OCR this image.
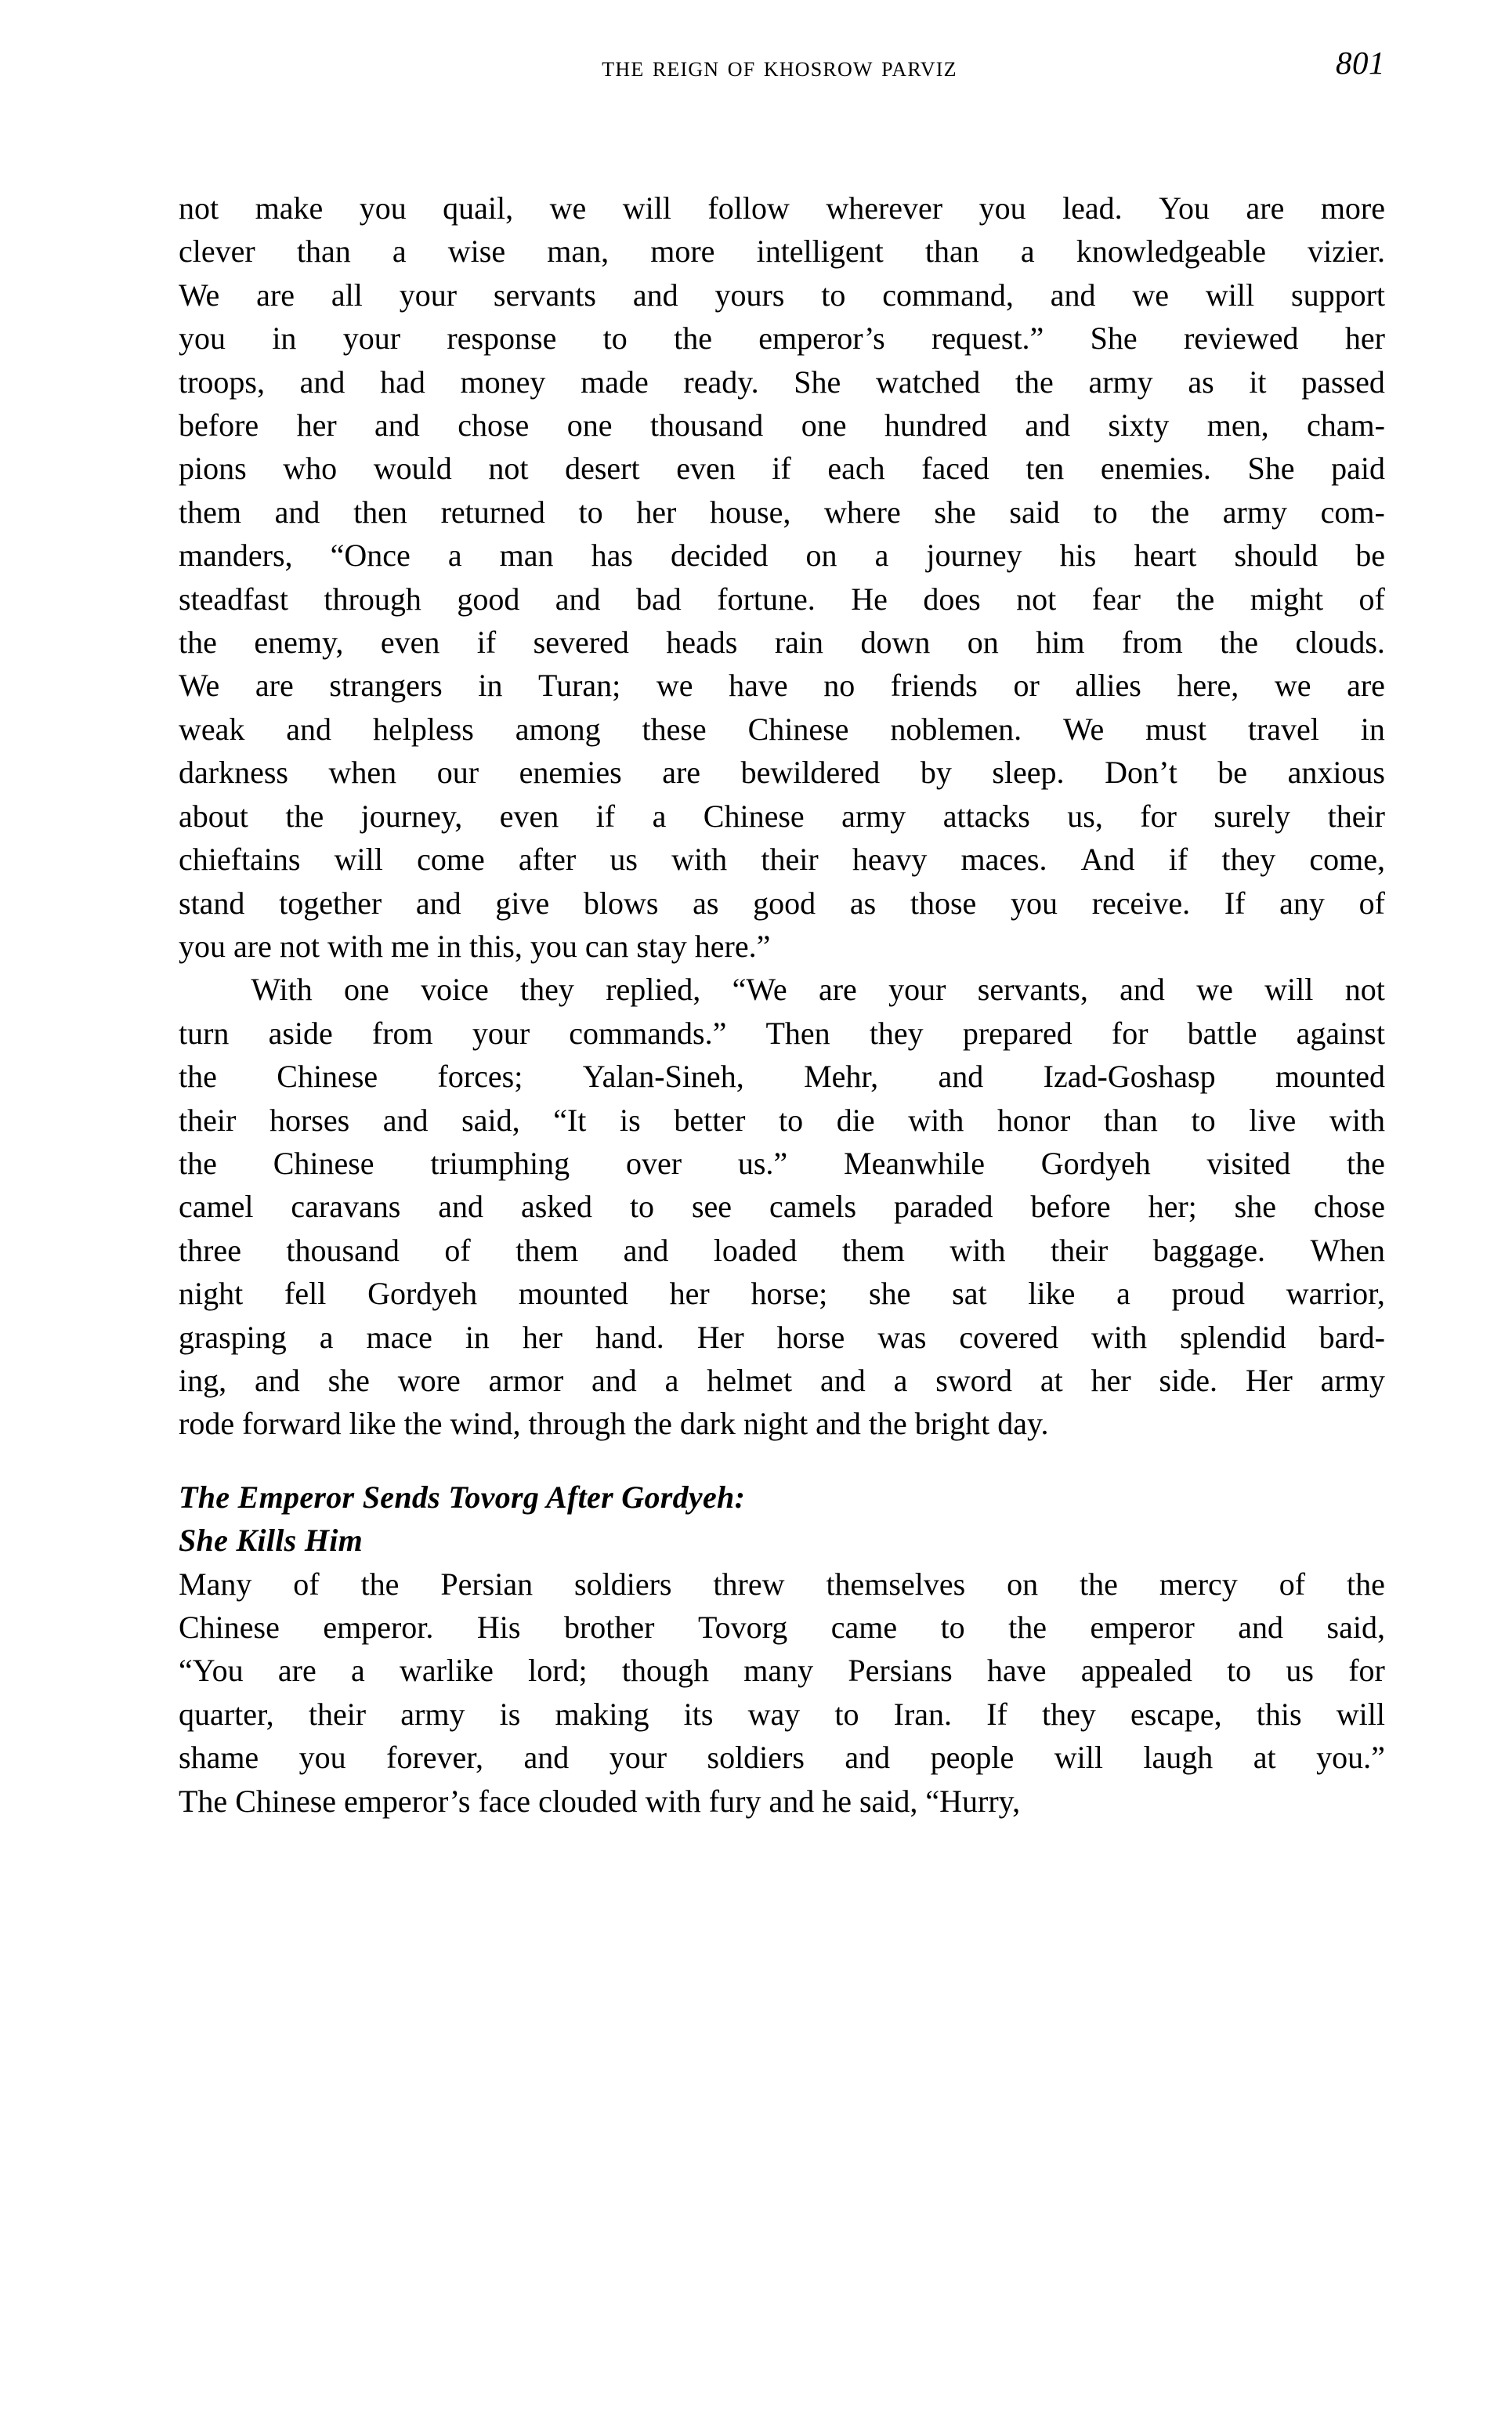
the reign of khosrow parviz	801

not make you quail, we will follow wherever you lead. You are more
clever than a wise man, more intelligent than a knowledgeable vizier.
We are all your servants and yours to command, and we will support
you in your response to the emperor’s request.” She reviewed her
troops, and had money made ready. She watched the army as it passed
before her and chose one thousand one hundred and sixty men, cham-
pions who would not desert even if each faced ten enemies. She paid
them and then returned to her house, where she said to the army com-
manders, “Once a man has decided on a journey his heart should be
steadfast through good and bad fortune. He does not fear the might of
the enemy, even if severed heads rain down on him from the clouds.
We are strangers in Turan; we have no friends or allies here, we are
weak and helpless among these Chinese noblemen. We must travel in
darkness when our enemies are bewildered by sleep. Don’t be anxious
about the journey, even if a Chinese army attacks us, for surely their
chieftains will come after us with their heavy maces. And if they come,
stand together and give blows as good as those you receive. If any of
you are not with me in this, you can stay here.”

With one voice they replied, “We are your servants, and we will not
turn aside from your commands.” Then they prepared for battle against
the Chinese forces; Yalan-Sineh, Mehr, and Izad-Goshasp mounted
their horses and said, “It is better to die with honor than to live with
the Chinese triumphing over us.” Meanwhile Gordyeh visited the
camel caravans and asked to see camels paraded before her; she chose
three thousand of them and loaded them with their baggage. When
night fell Gordyeh mounted her horse; she sat like a proud warrior,
grasping a mace in her hand. Her horse was covered with splendid bard-
ing, and she wore armor and a helmet and a sword at her side. Her army
rode forward like the wind, through the dark night and the bright day.

The Emperor Sends Tovorg After Gordyeh:
She Kills Him

Many of the Persian soldiers threw themselves on the mercy of the
Chinese emperor. His brother Tovorg came to the emperor and said,
“You are a warlike lord; though many Persians have appealed to us for
quarter, their army is making its way to Iran. If they escape, this will
shame you forever, and your soldiers and people will laugh at you.”
The Chinese emperor’s face clouded with fury and he said, “Hurry,
